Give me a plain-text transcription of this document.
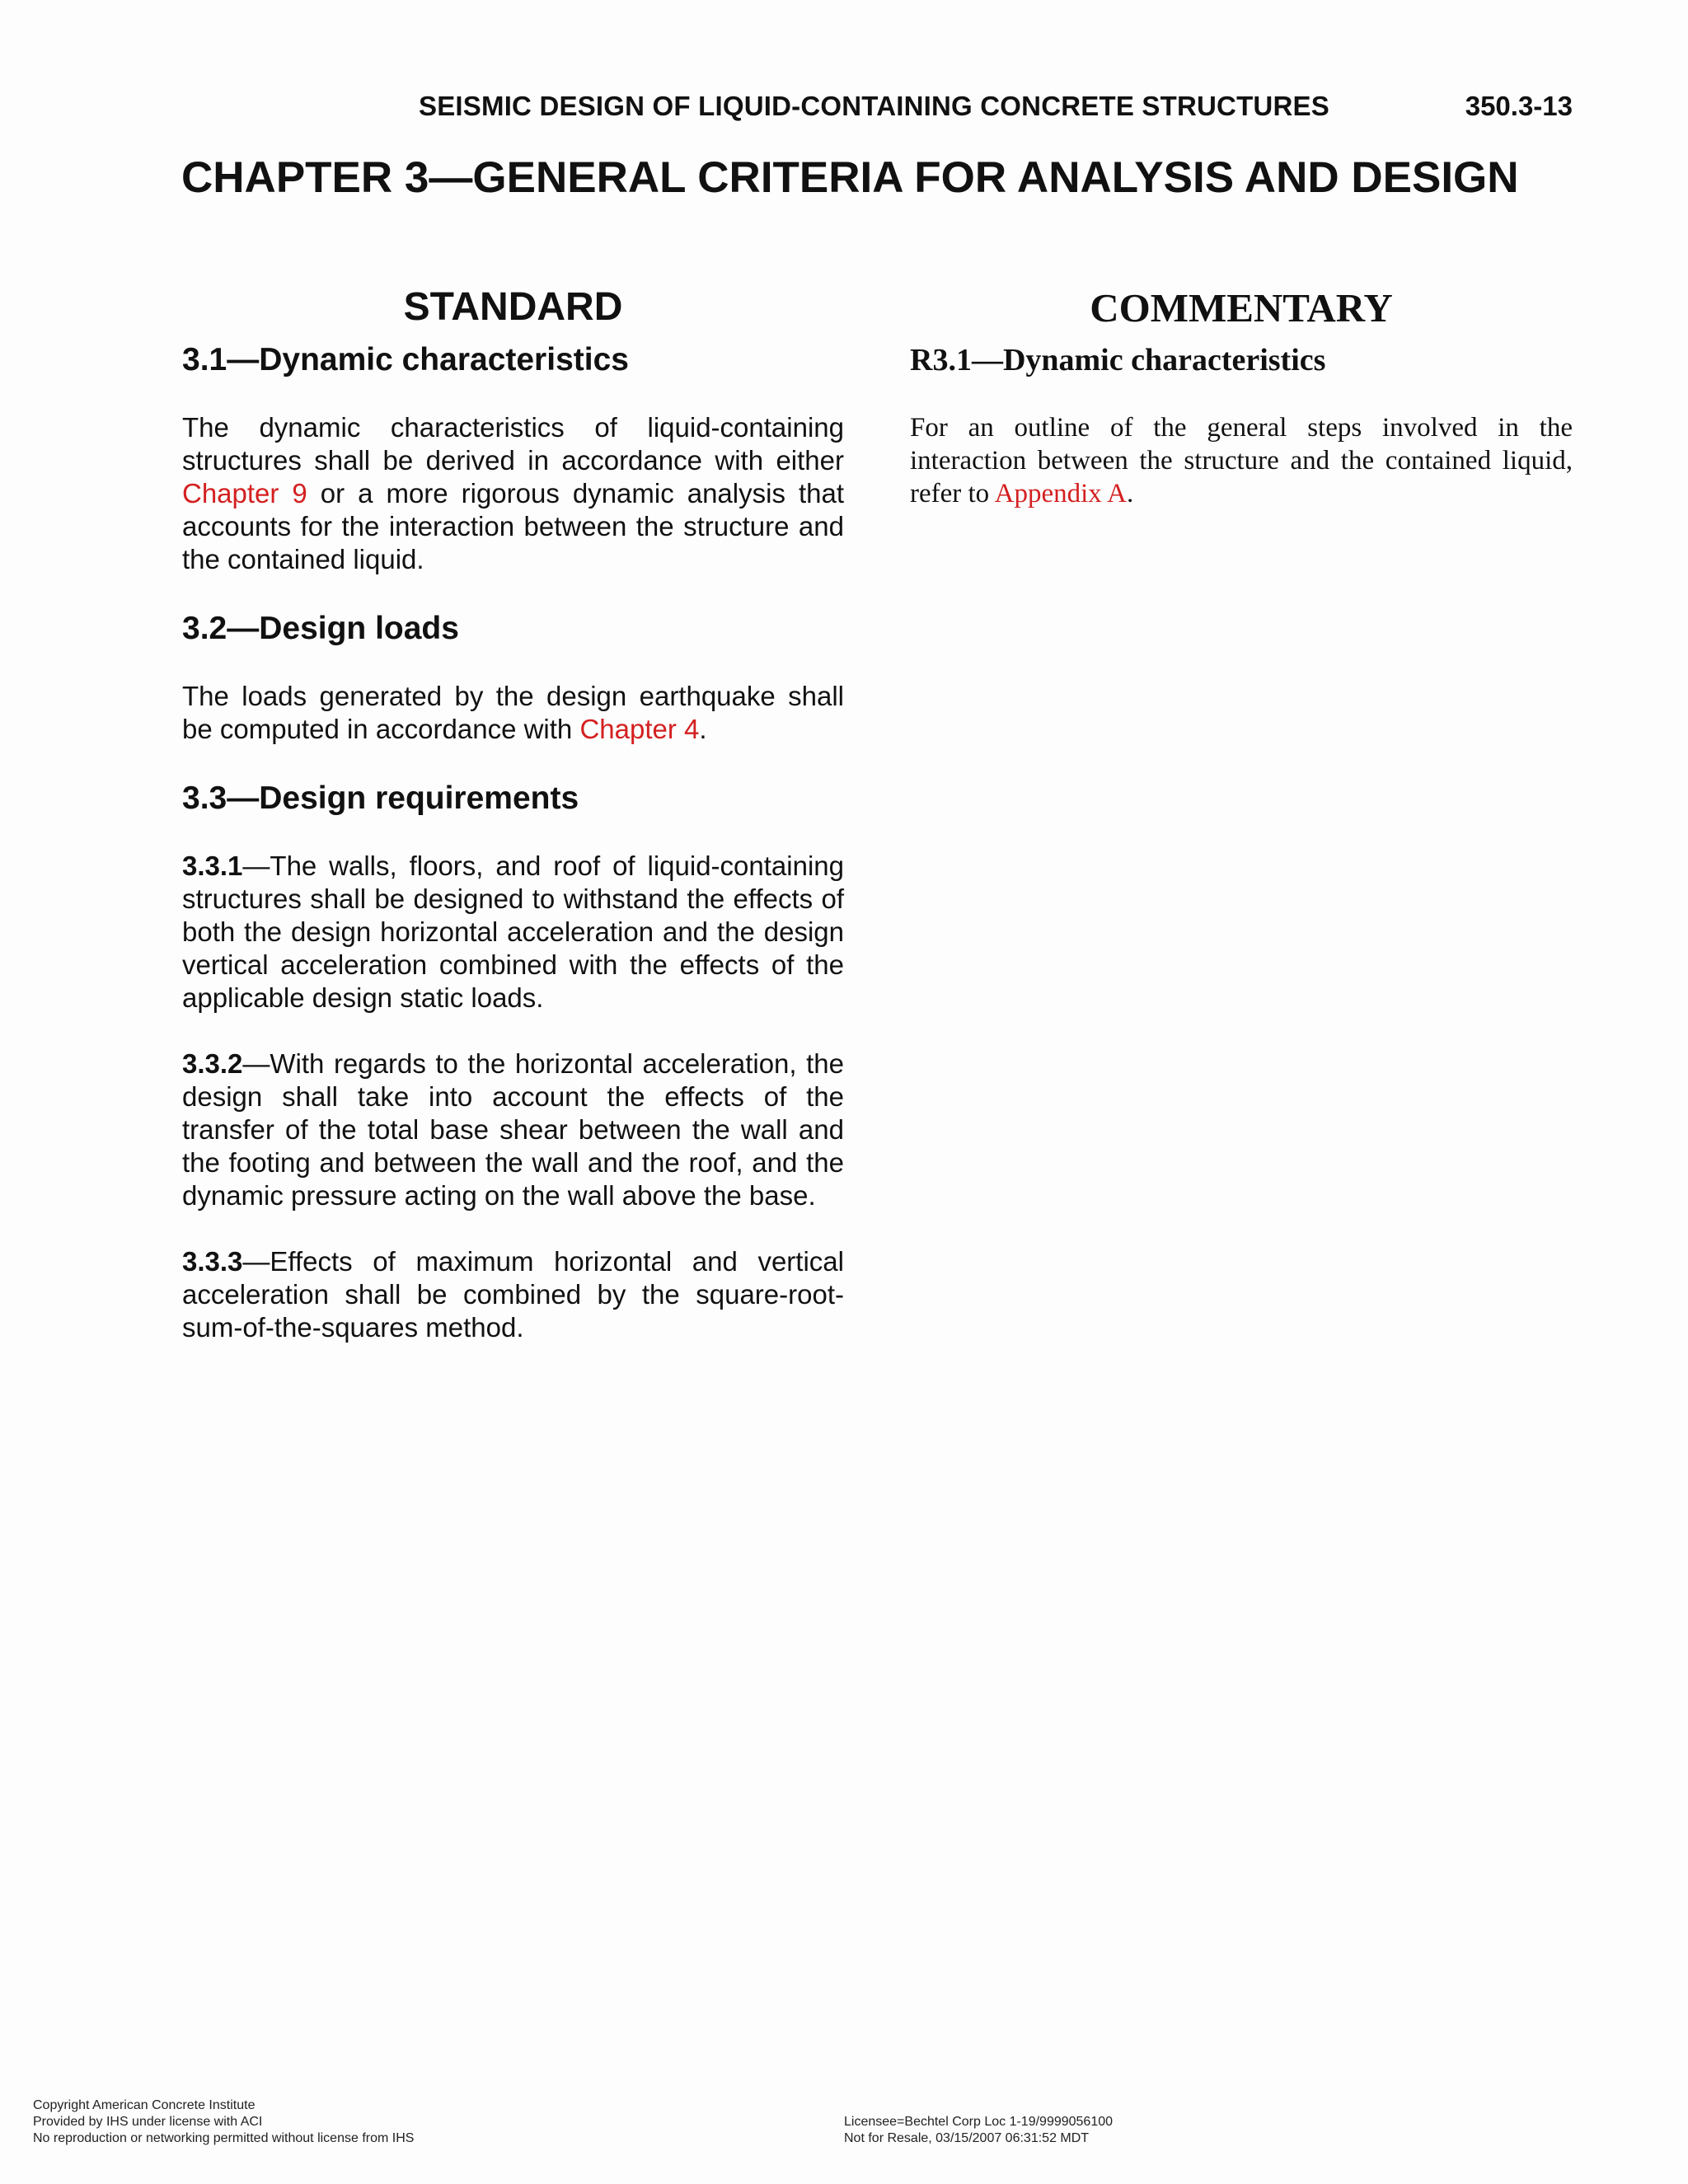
SEISMIC DESIGN OF LIQUID-CONTAINING CONCRETE STRUCTURES	350.3-13
CHAPTER 3—GENERAL CRITERIA FOR ANALYSIS AND DESIGN
STANDARD
3.1—Dynamic characteristics

The dynamic characteristics of liquid-containing structures shall be derived in accordance with either Chapter 9 or a more rigorous dynamic analysis that accounts for the interaction between the structure and the contained liquid.

3.2—Design loads

The loads generated by the design earthquake shall be computed in accordance with Chapter 4.

3.3—Design requirements

3.3.1—The walls, floors, and roof of liquid-containing structures shall be designed to withstand the effects of both the design horizontal acceleration and the design vertical acceleration combined with the effects of the applicable design static loads.

3.3.2—With regards to the horizontal acceleration, the design shall take into account the effects of the transfer of the total base shear between the wall and the footing and between the wall and the roof, and the dynamic pressure acting on the wall above the base.

3.3.3—Effects of maximum horizontal and vertical acceleration shall be combined by the square-root-sum-of-the-squares method.

COMMENTARY
R3.1—Dynamic characteristics

For an outline of the general steps involved in the interaction between the structure and the contained liquid, refer to Appendix A.

Copyright American Concrete Institute
Provided by IHS under license with ACI
No reproduction or networking permitted without license from IHS
Licensee=Bechtel Corp Loc 1-19/9999056100
Not for Resale, 03/15/2007 06:31:52 MDT
